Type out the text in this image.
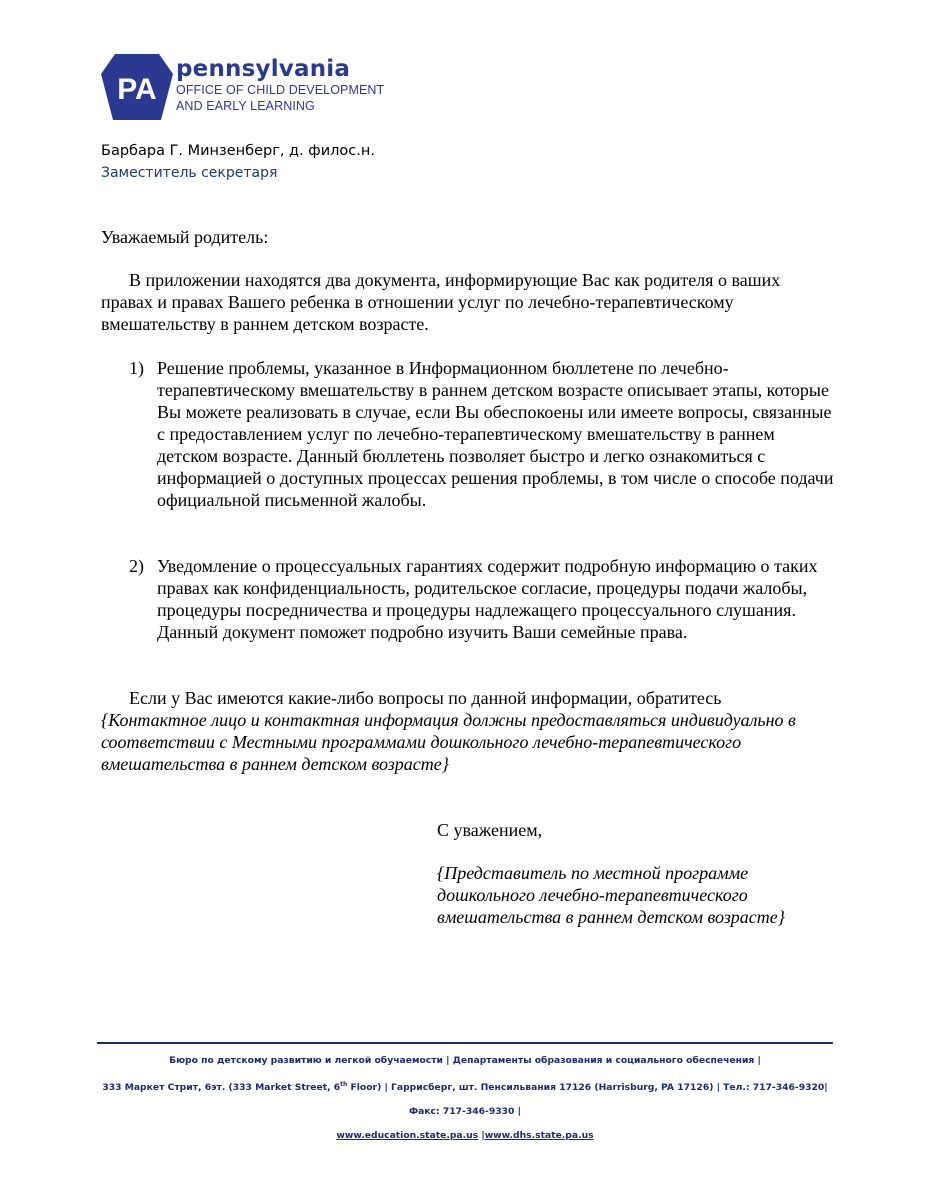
PA
pennsylvania
OFFICE OF CHILD DEVELOPMENT
AND EARLY LEARNING
Барбара Г. Минзенберг, д. филос.н.
Заместитель секретаря
Уважаемый родитель:
В приложении находятся два документа, информирующие Вас как родителя о ваших правах и правах Вашего ребенка в отношении услуг по лечебно-терапевтическому вмешательству в раннем детском возрасте.
1) Решение проблемы, указанное в Информационном бюллетене по лечебно-терапевтическому вмешательству в раннем детском возрасте описывает этапы, которые Вы можете реализовать в случае, если Вы обеспокоены или имеете вопросы, связанные с предоставлением услуг по лечебно-терапевтическому вмешательству в раннем детском возрасте. Данный бюллетень позволяет быстро и легко ознакомиться с информацией о доступных процессах решения проблемы, в том числе о способе подачи официальной письменной жалобы.
2) Уведомление о процессуальных гарантиях содержит подробную информацию о таких правах как конфиденциальность, родительское согласие, процедуры подачи жалобы, процедуры посредничества и процедуры надлежащего процессуального слушания. Данный документ поможет подробно изучить Ваши семейные права.
Если у Вас имеются какие-либо вопросы по данной информации, обратитесь
{Контактное лицо и контактная информация должны предоставляться индивидуально в соответствии с Местными программами дошкольного лечебно-терапевтического вмешательства в раннем детском возрасте}
С уважением,
{Представитель по местной программе дошкольного лечебно-терапевтического вмешательства в раннем детском возрасте}
Бюро по детскому развитию и легкой обучаемости | Департаменты образования и социального обеспечения |
333 Маркет Стрит, 6эт. (333 Market Street, 6th Floor) | Гаррисберг, шт. Пенсильвания 17126 (Harrisburg, PA 17126) | Тел.: 717-346-9320| Факс: 717-346-9330 |
www.education.state.pa.us |www.dhs.state.pa.us
